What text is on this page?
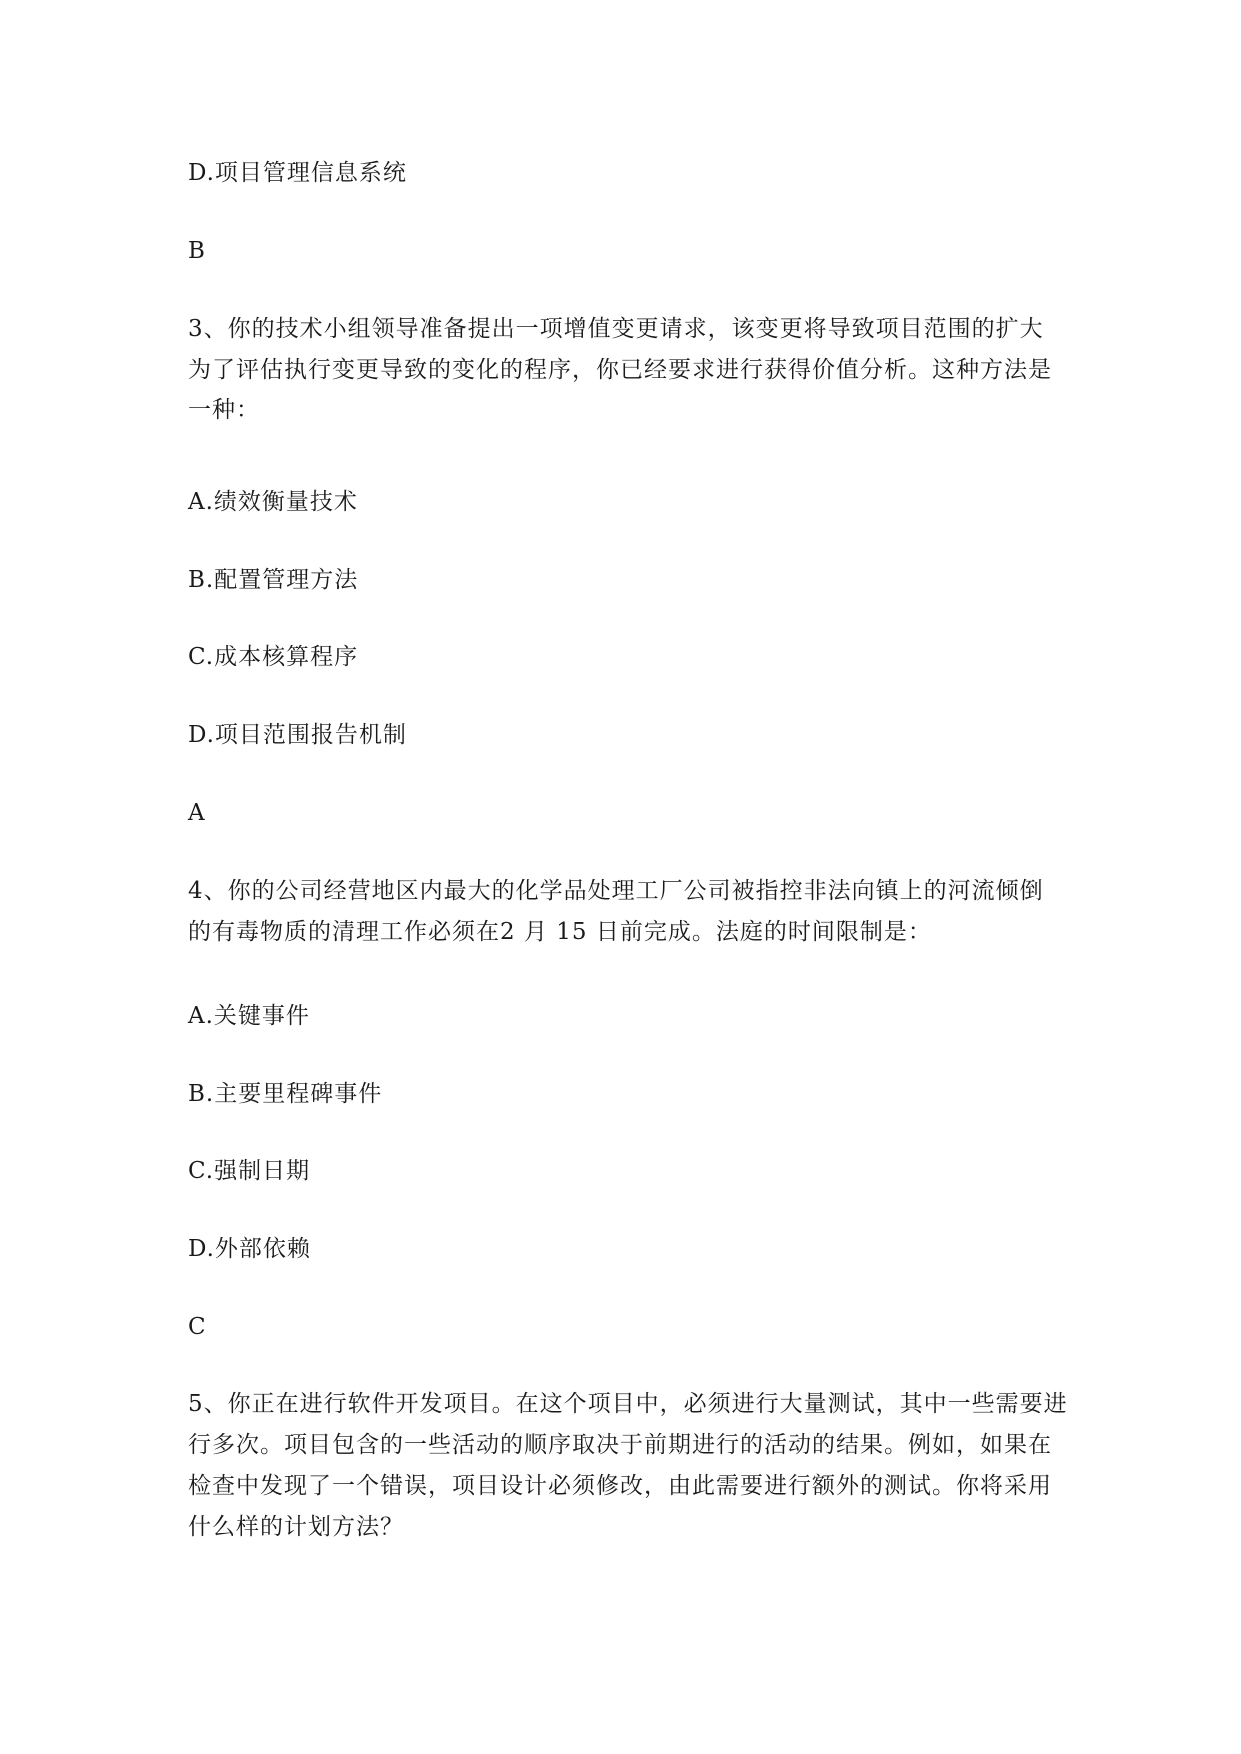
D.项目管理信息系统
B
3、你的技术小组领导准备提出一项增值变更请求，该变更将导致项目范围的扩大
为了评估执行变更导致的变化的程序，你已经要求进行获得价值分析。这种方法是
一种：
A.绩效衡量技术
B.配置管理方法
C.成本核算程序
D.项目范围报告机制
A
4、你的公司经营地区内最大的化学品处理工厂公司被指控非法向镇上的河流倾倒
的有毒物质的清理工作必须在2 月 15 日前完成。法庭的时间限制是：
A.关键事件
B.主要里程碑事件
C.强制日期
D.外部依赖
C
5、你正在进行软件开发项目。在这个项目中，必须进行大量测试，其中一些需要进
行多次。项目包含的一些活动的顺序取决于前期进行的活动的结果。例如，如果在
检查中发现了一个错误，项目设计必须修改，由此需要进行额外的测试。你将采用
什么样的计划方法？
